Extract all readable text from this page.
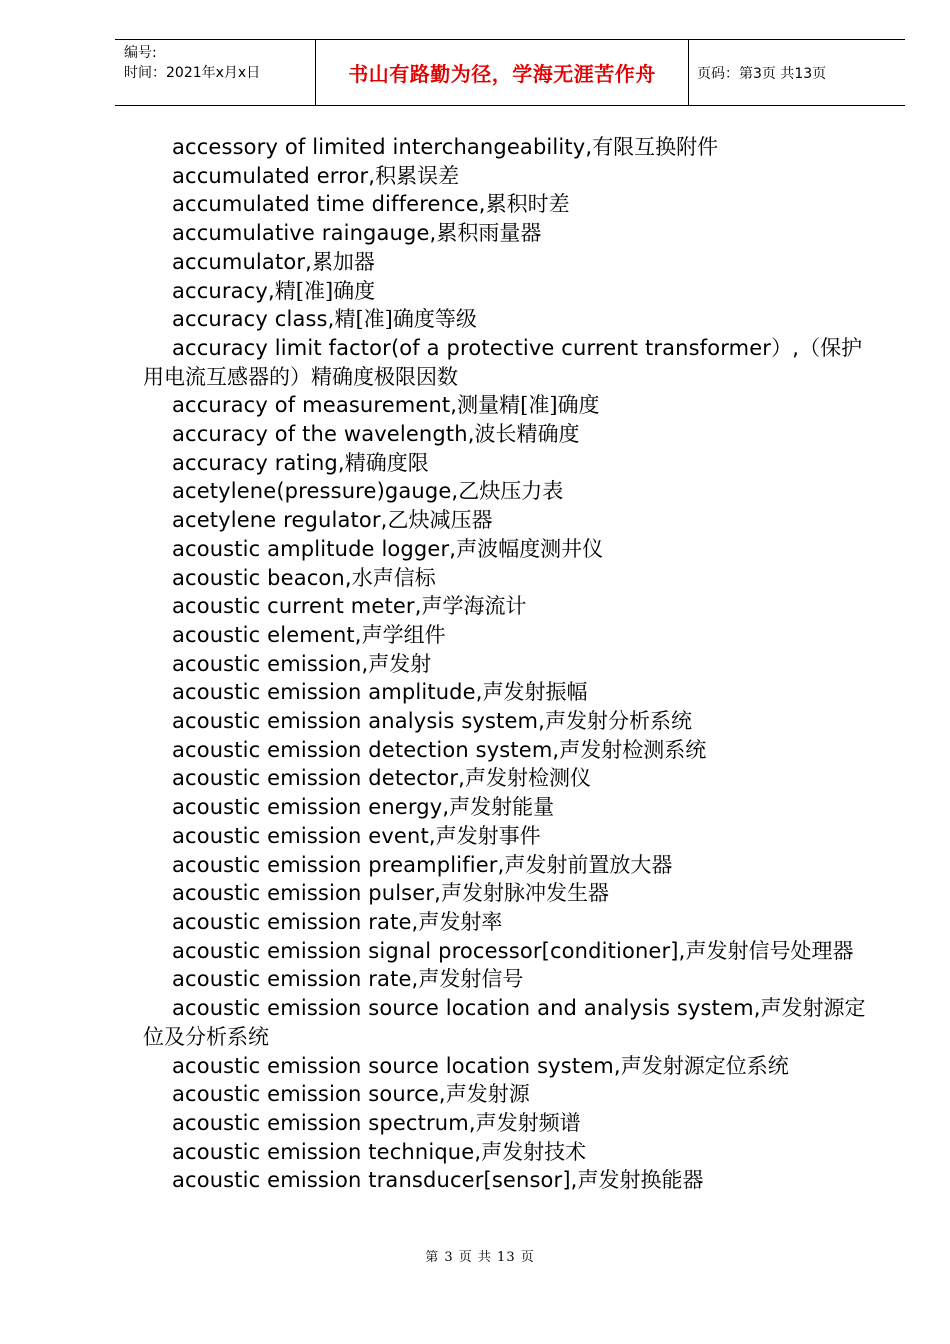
编号:
时间：2021年x月x日	书山有路勤为径，学海无涯苦作舟	页码：第3页 共13页

accessory of limited interchangeability,有限互换附件

accumulated error,积累误差

accumulated time difference,累积时差

accumulative raingauge,累积雨量器

accumulator,累加器

accuracy,精[准]确度

accuracy class,精[准]确度等级

accuracy limit factor(of a protective current transformer）,（保护用电流互感器的）精确度极限因数

accuracy of measurement,测量精[准]确度

accuracy of the wavelength,波长精确度

accuracy rating,精确度限

acetylene(pressure)gauge,乙炔压力表

acetylene regulator,乙炔减压器

acoustic amplitude logger,声波幅度测井仪

acoustic beacon,水声信标

acoustic current meter,声学海流计

acoustic element,声学组件

acoustic emission,声发射

acoustic emission amplitude,声发射振幅

acoustic emission analysis system,声发射分析系统

acoustic emission detection system,声发射检测系统

acoustic emission detector,声发射检测仪

acoustic emission energy,声发射能量

acoustic emission event,声发射事件

acoustic emission preamplifier,声发射前置放大器

acoustic emission pulser,声发射脉冲发生器

acoustic emission rate,声发射率

acoustic emission signal processor[conditioner],声发射信号处理器

acoustic emission rate,声发射信号

acoustic emission source location and analysis system,声发射源定位及分析系统

acoustic emission source location system,声发射源定位系统

acoustic emission source,声发射源

acoustic emission spectrum,声发射频谱

acoustic emission technique,声发射技术

acoustic emission transducer[sensor],声发射换能器

第 3 页 共 13 页
